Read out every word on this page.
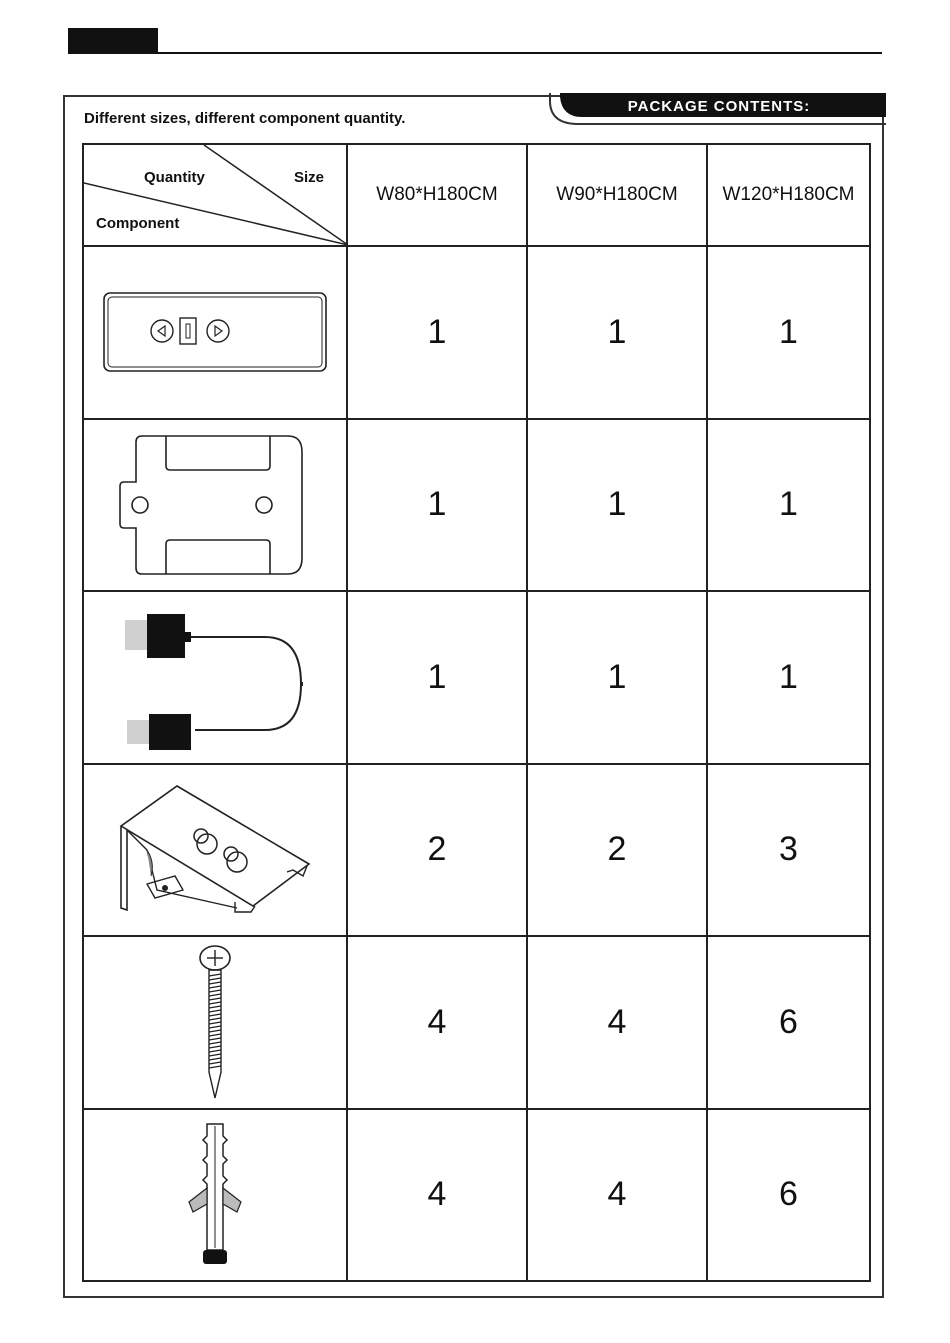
PACKAGE CONTENTS:
Different sizes, different component quantity.
Quantity Size
Component	W80*H180CM	W90*H180CM	W120*H180CM

	1	1	1

	1	1	1

	1	1	1

	2	2	3

	4	4	6

	4	4	6
